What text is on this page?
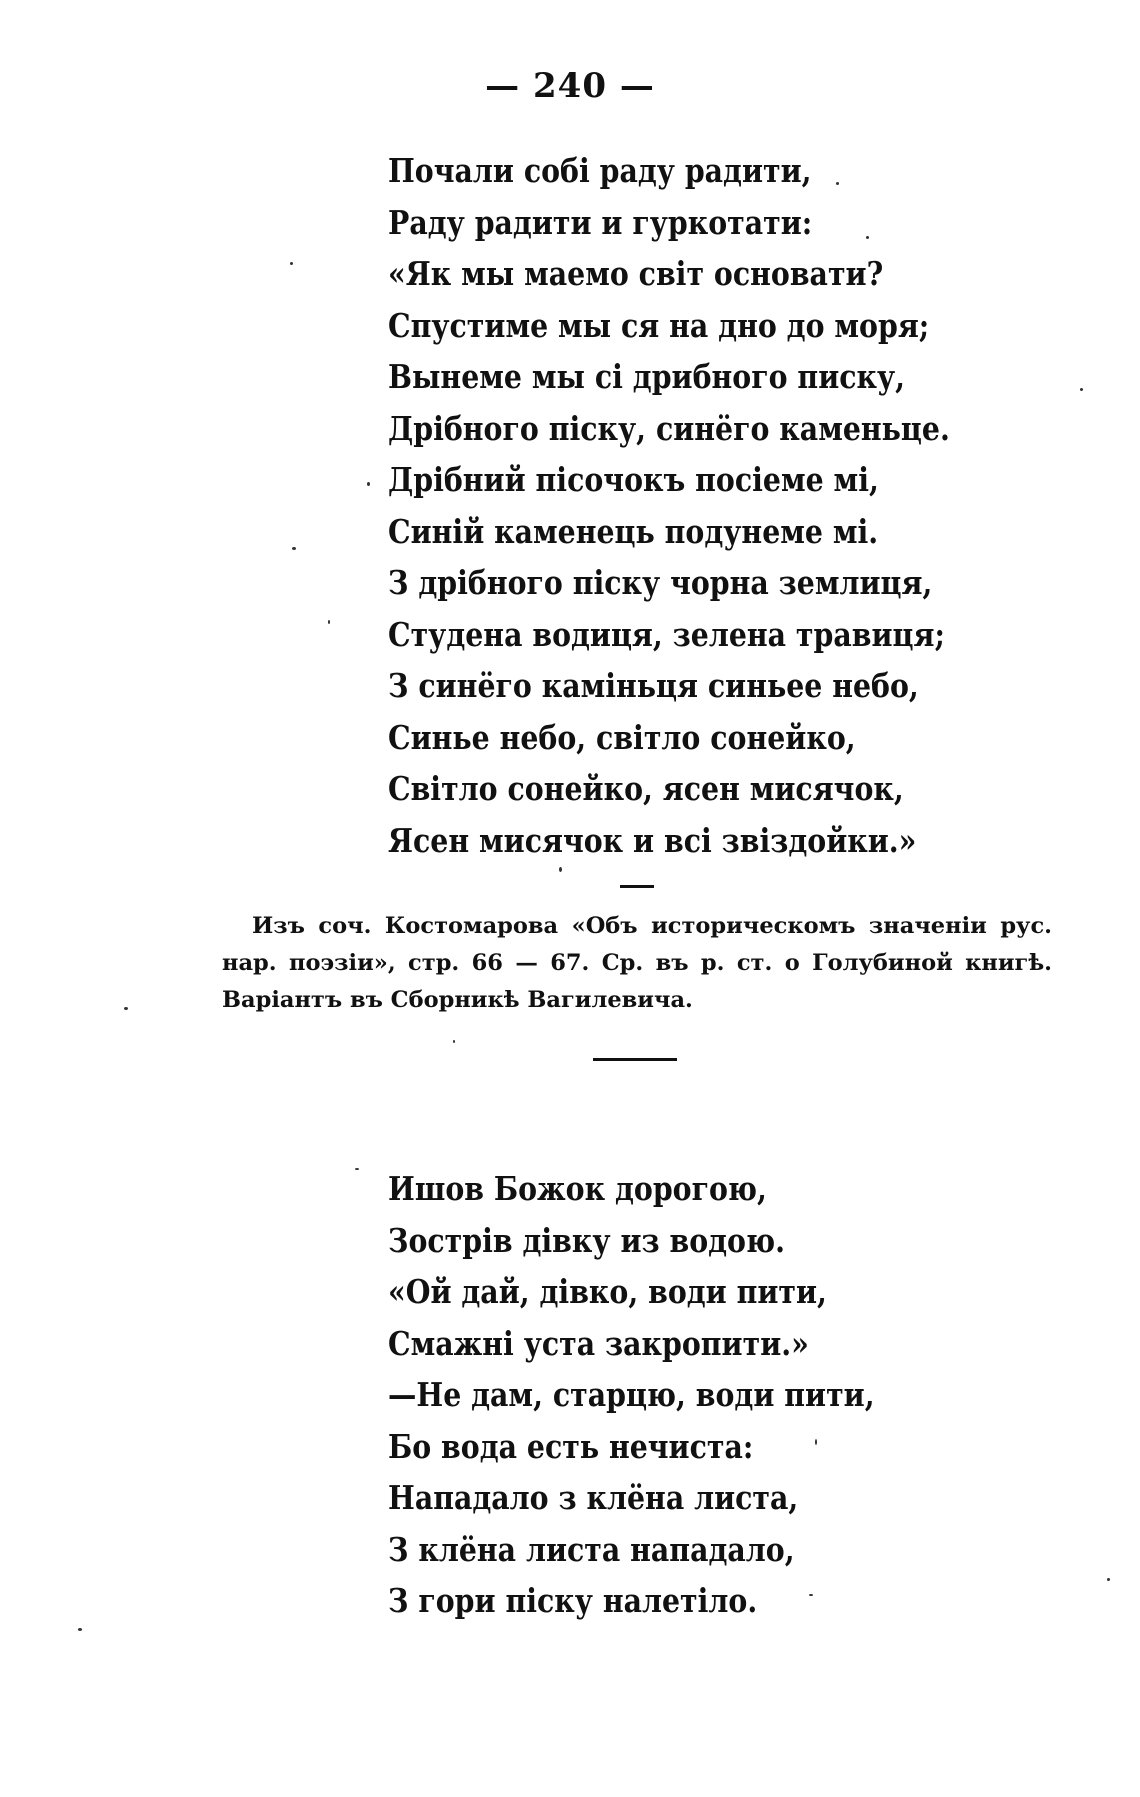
— 240 —
Почали собі раду радити,
Раду радити и гуркотати:
«Як мы маемо світ основати?
Спустиме мы ся на дно до моря;
Вынеме мы сі дрибного писку,
Дрібного піску, синёго каменьце.
Дрібний пісочокъ посіеме мі,
Синій каменець подунеме мі.
З дрібного піску чорна землиця,
Студена водиця, зелена травиця;
З синёго каміньця синьее небо,
Синье небо, світло сонейко,
Світло сонейко, ясен мисячок,
Ясен мисячок и всі звіздойки.»

Изъ соч. Костомарова «Объ историческомъ значеніи рус. нар. поэзіи», стр. 66 — 67. Ср. въ р. ст. о Голубиной книгѣ. Варіантъ въ Сборникѣ Вагилевича.

Ишов Божок дорогою,
Зострів дівку из водою.
«Ой дай, дівко, води пити,
Смажні уста закропити.»
—Не дам, старцю, води пити,
Бо вода есть нечиста:
Нападало з клёна листа,
З клёна листа нападало,
З гори піску налетіло.
